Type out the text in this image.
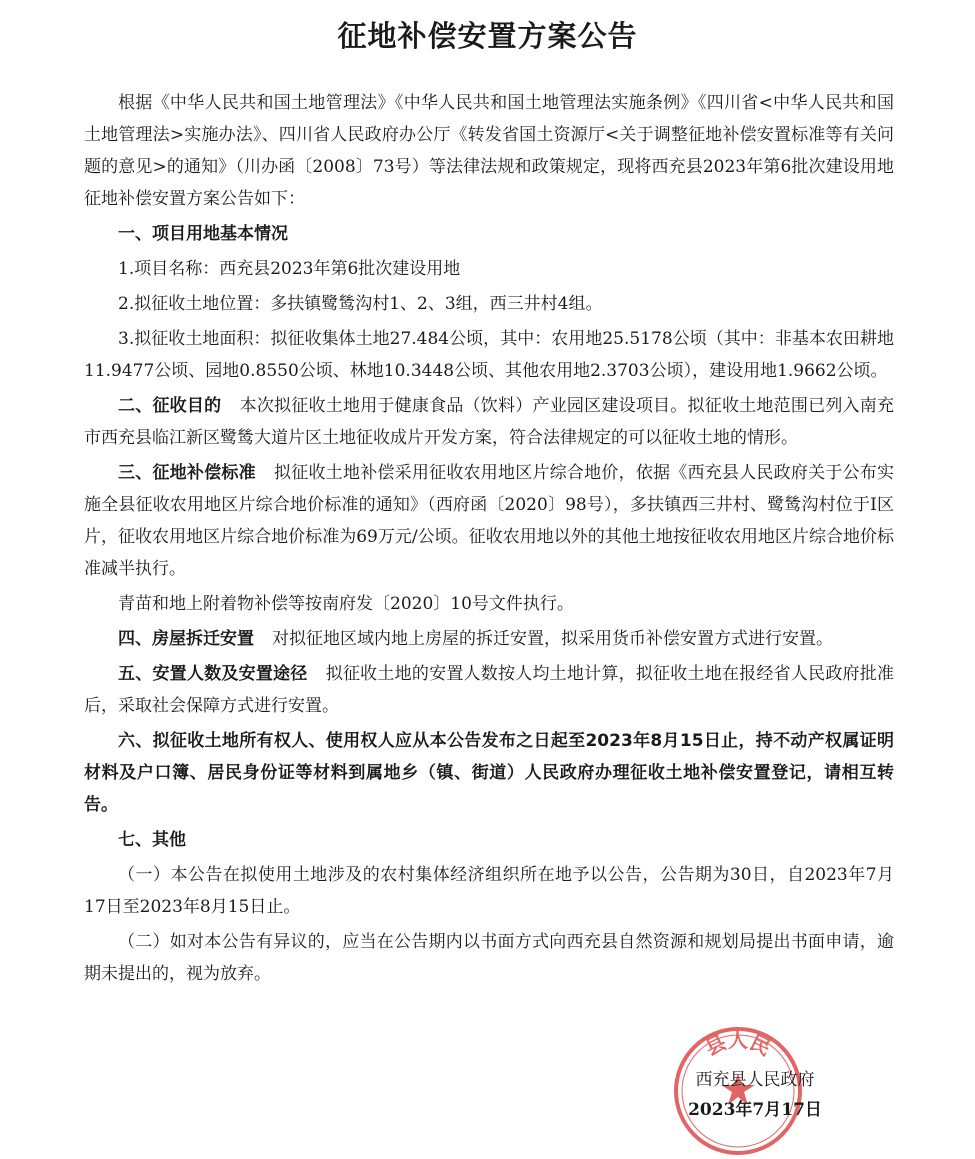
征地补偿安置方案公告

根据《中华人民共和国土地管理法》《中华人民共和国土地管理法实施条例》《四川省<中华人民共和国土地管理法>实施办法》、四川省人民政府办公厅《转发省国土资源厅<关于调整征地补偿安置标准等有关问题的意见>的通知》（川办函〔2008〕73号）等法律法规和政策规定，现将西充县2023年第6批次建设用地征地补偿安置方案公告如下：

一、项目用地基本情况

1.项目名称：西充县2023年第6批次建设用地

2.拟征收土地位置：多扶镇鹭鸶沟村1、2、3组，西三井村4组。

3.拟征收土地面积：拟征收集体土地27.484公顷，其中：农用地25.5178公顷（其中：非基本农田耕地11.9477公顷、园地0.8550公顷、林地10.3448公顷、其他农用地2.3703公顷），建设用地1.9662公顷。

二、征收目的 本次拟征收土地用于健康食品（饮料）产业园区建设项目。拟征收土地范围已列入南充市西充县临江新区鹭鸶大道片区土地征收成片开发方案，符合法律规定的可以征收土地的情形。

三、征地补偿标准 拟征收土地补偿采用征收农用地区片综合地价，依据《西充县人民政府关于公布实施全县征收农用地区片综合地价标准的通知》（西府函〔2020〕98号），多扶镇西三井村、鹭鸶沟村位于Ⅰ区片，征收农用地区片综合地价标准为69万元/公顷。征收农用地以外的其他土地按征收农用地区片综合地价标准减半执行。

青苗和地上附着物补偿等按南府发〔2020〕10号文件执行。

四、房屋拆迁安置 对拟征地区域内地上房屋的拆迁安置，拟采用货币补偿安置方式进行安置。

五、安置人数及安置途径 拟征收土地的安置人数按人均土地计算，拟征收土地在报经省人民政府批准后，采取社会保障方式进行安置。

六、拟征收土地所有权人、使用权人应从本公告发布之日起至2023年8月15日止，持不动产权属证明材料及户口簿、居民身份证等材料到属地乡（镇、街道）人民政府办理征收土地补偿安置登记，请相互转告。

七、其他

（一）本公告在拟使用土地涉及的农村集体经济组织所在地予以公告，公告期为30日，自2023年7月17日至2023年8月15日止。

（二）如对本公告有异议的，应当在公告期内以书面方式向西充县自然资源和规划局提出书面申请，逾期未提出的，视为放弃。

县人民
西充县人民政府
2023年7月17日
